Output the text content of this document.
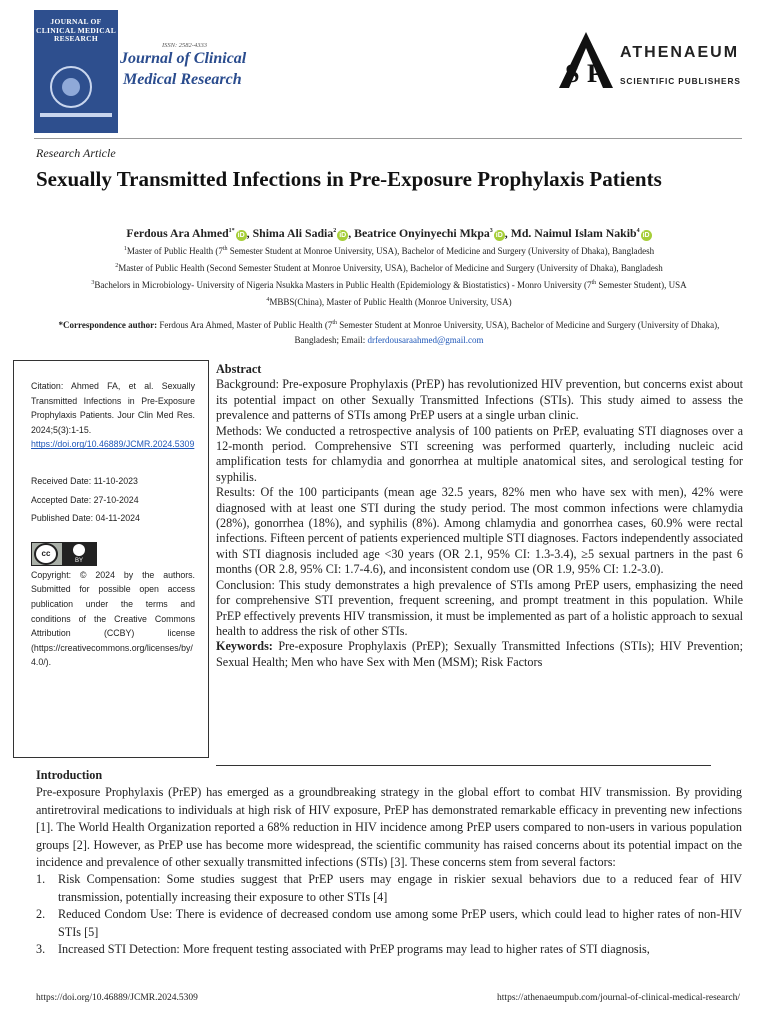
JOURNAL OF CLINICAL MEDICAL RESEARCH
ISSN: 2582-4333
Journal of Clinical
Medical Research	S P
ATHENAEUM
SCIENTIFIC PUBLISHERS
Research Article
Sexually Transmitted Infections in Pre-Exposure Prophylaxis Patients
Ferdous Ara Ahmed$^{1*}$iD , Shima Ali Sadia$^2$iD , Beatrice Onyinyechi Mkpa$^3$iD , Md. Naimul Islam Nakib$^4$iD
$^1$Master of Public Health (7th Semester Student at Monroe University, USA), Bachelor of Medicine and Surgery (University of Dhaka), Bangladesh
$^2$Master of Public Health (Second Semester Student at Monroe University, USA), Bachelor of Medicine and Surgery (University of Dhaka), Bangladesh
$^3$Bachelors in Microbiology- University of Nigeria Nsukka Masters in Public Health (Epidemiology & Biostatistics) - Monro University (7th Semester Student), USA
$^4$MBBS(China), Master of Public Health (Monroe University, USA)
*Correspondence author: Ferdous Ara Ahmed, Master of Public Health (7th Semester Student at Monroe University, USA), Bachelor of Medicine and Surgery (University of Dhaka), Bangladesh; Email: drferdousaraahmed@gmail.com
Citation: Ahmed FA, et al. Sexually Transmitted Infections in Pre-Exposure Prophylaxis Patients. Jour Clin Med Res. 2024;5(3):1-15.
https://doi.org/10.46889/JCMR.2024.5309
Received Date: 11-10-2023
Accepted Date: 27-10-2024
Published Date: 04-11-2024
cc
BY
Copyright: © 2024 by the authors. Submitted for possible open access publication under the terms and conditions of the Creative Commons Attribution (CCBY) license (https://creativecommons.org/licenses/by/4.0/).
Abstract

Background: Pre-exposure Prophylaxis (PrEP) has revolutionized HIV prevention, but concerns exist about its potential impact on other Sexually Transmitted Infections (STIs). This study aimed to assess the prevalence and patterns of STIs among PrEP users at a single urban clinic.

Methods: We conducted a retrospective analysis of 100 patients on PrEP, evaluating STI diagnoses over a 12-month period. Comprehensive STI screening was performed quarterly, including nucleic acid amplification tests for chlamydia and gonorrhea at multiple anatomical sites, and serological testing for syphilis.

Results: Of the 100 participants (mean age 32.5 years, 82% men who have sex with men), 42% were diagnosed with at least one STI during the study period. The most common infections were chlamydia (28%), gonorrhea (18%), and syphilis (8%). Among chlamydia and gonorrhea cases, 60.9% were rectal infections. Fifteen percent of patients experienced multiple STI diagnoses. Factors independently associated with STI diagnosis included age <30 years (OR 2.1, 95% CI: 1.3-3.4), ≥5 sexual partners in the past 6 months (OR 2.8, 95% CI: 1.7-4.6), and inconsistent condom use (OR 1.9, 95% CI: 1.2-3.0).

Conclusion: This study demonstrates a high prevalence of STIs among PrEP users, emphasizing the need for comprehensive STI prevention, frequent screening, and prompt treatment in this population. While PrEP effectively prevents HIV transmission, it must be implemented as part of a holistic approach to sexual health to address the risk of other STIs.

Keywords: Pre-exposure Prophylaxis (PrEP); Sexually Transmitted Infections (STIs); HIV Prevention; Sexual Health; Men who have Sex with Men (MSM); Risk Factors

Introduction

Pre-exposure Prophylaxis (PrEP) has emerged as a groundbreaking strategy in the global effort to combat HIV transmission. By providing antiretroviral medications to individuals at high risk of HIV exposure, PrEP has demonstrated remarkable efficacy in preventing new infections [1]. The World Health Organization reported a 68% reduction in HIV incidence among PrEP users compared to non-users in various population groups [2]. However, as PrEP use has become more widespread, the scientific community has raised concerns about its potential impact on the incidence and prevalence of other sexually transmitted infections (STIs) [3]. These concerns stem from several factors:

1.	Risk Compensation: Some studies suggest that PrEP users may engage in riskier sexual behaviors due to a reduced fear of HIV transmission, potentially increasing their exposure to other STIs [4]
2.	Reduced Condom Use: There is evidence of decreased condom use among some PrEP users, which could lead to higher rates of non-HIV STIs [5]
3.	Increased STI Detection: More frequent testing associated with PrEP programs may lead to higher rates of STI diagnosis,
https://doi.org/10.46889/JCMR.2024.5309	https://athenaeumpub.com/journal-of-clinical-medical-research/
